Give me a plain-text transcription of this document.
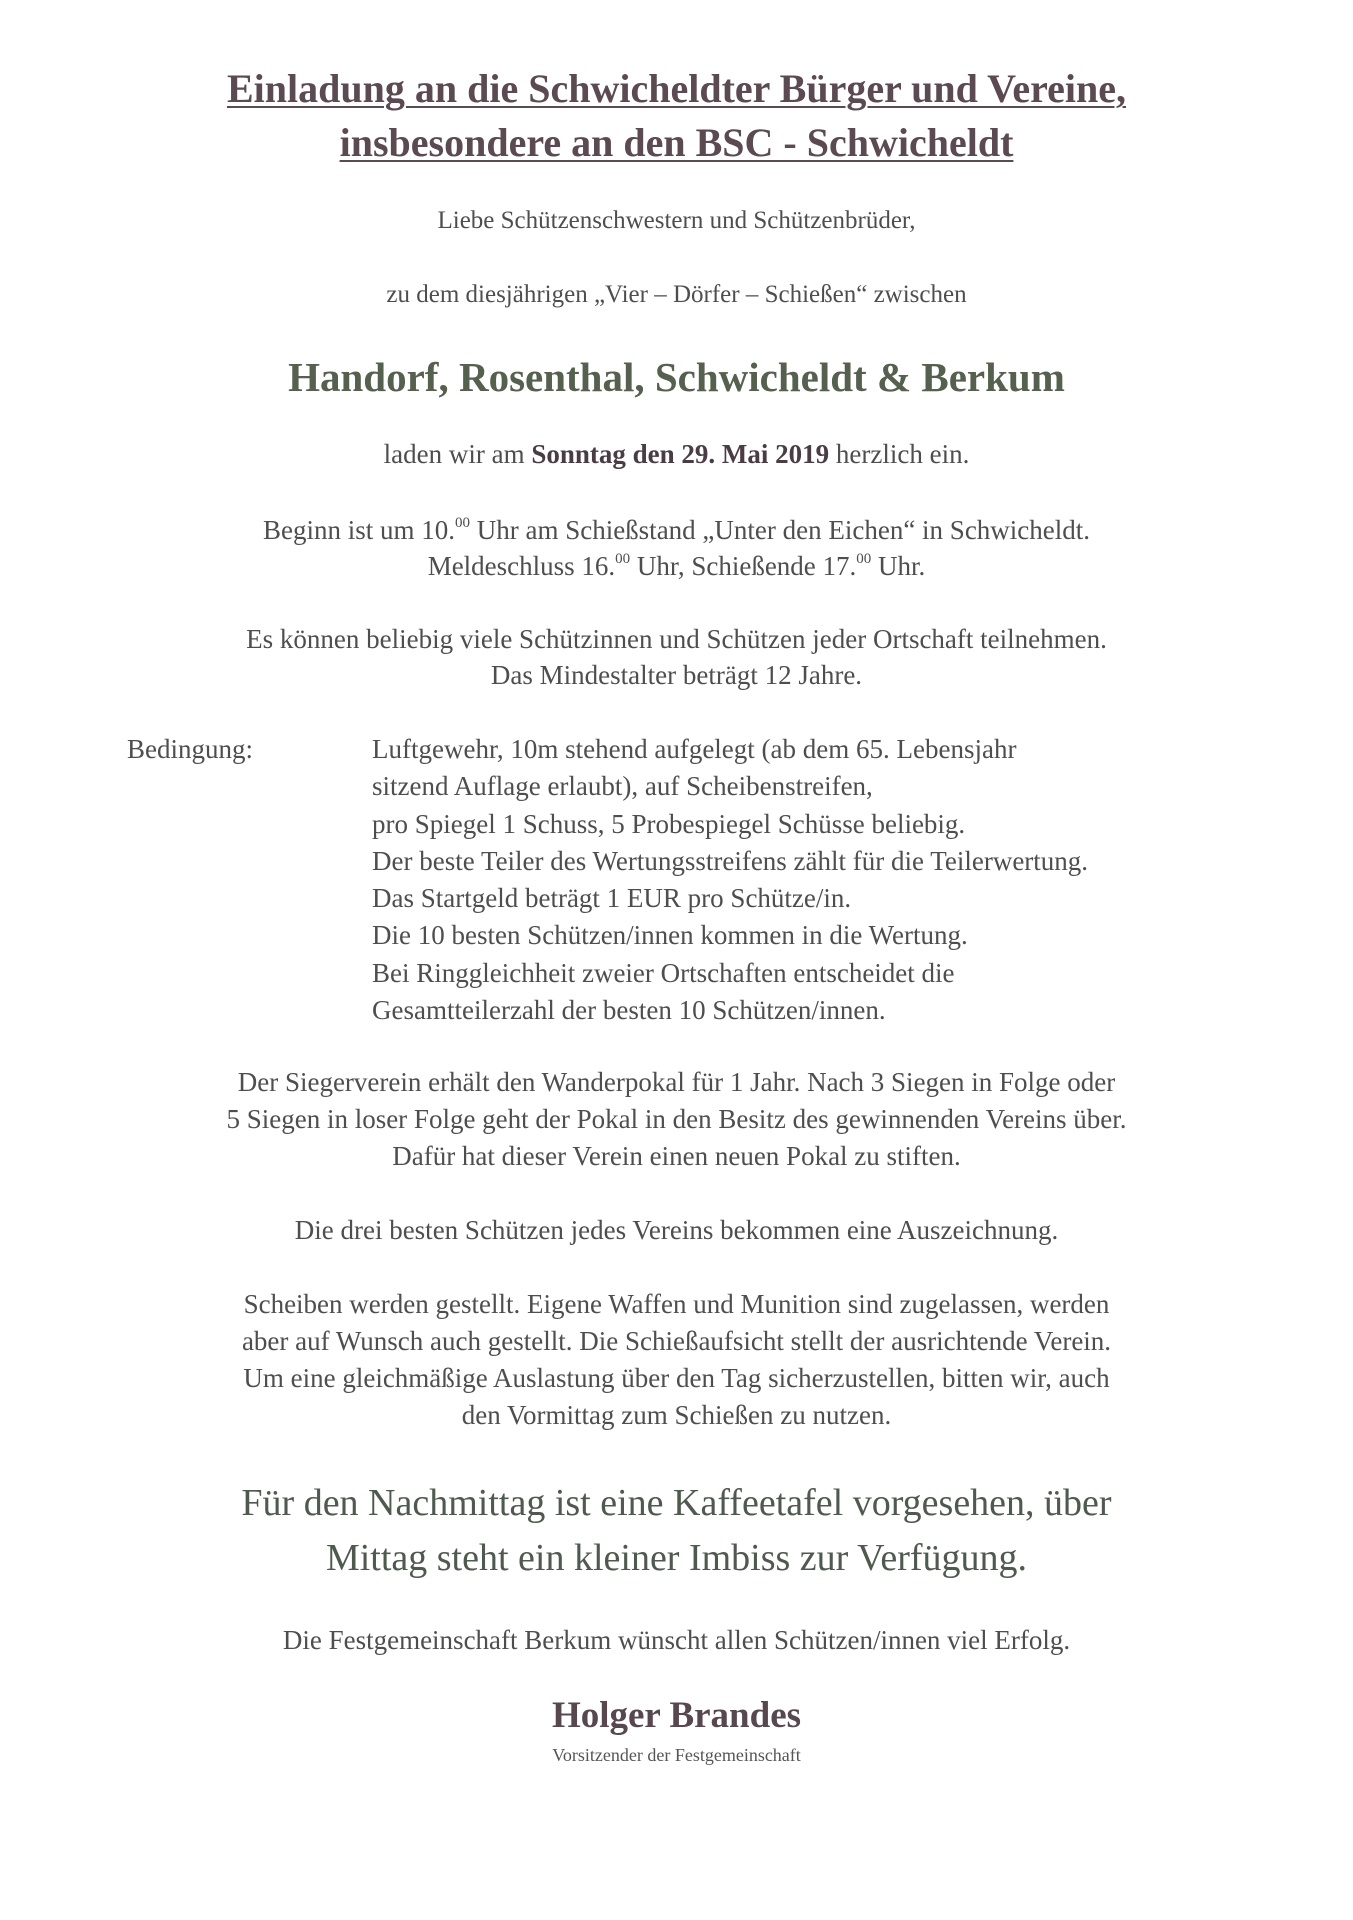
Einladung an die Schwicheldter Bürger und Vereine,
insbesondere an den BSC - Schwicheldt
Liebe Schützenschwestern und Schützenbrüder,
zu dem diesjährigen „Vier – Dörfer – Schießen“ zwischen
Handorf, Rosenthal, Schwicheldt & Berkum
laden wir am Sonntag den 29. Mai 2019 herzlich ein.
Beginn ist um 10.00 Uhr am Schießstand „Unter den Eichen“ in Schwicheldt.
Meldeschluss 16.00 Uhr, Schießende 17.00 Uhr.
Es können beliebig viele Schützinnen und Schützen jeder Ortschaft teilnehmen.
Das Mindestalter beträgt 12 Jahre.
Bedingung:	Luftgewehr, 10m stehend aufgelegt (ab dem 65. Lebensjahr
sitzend Auflage erlaubt), auf Scheibenstreifen,
pro Spiegel 1 Schuss, 5 Probespiegel Schüsse beliebig.
Der beste Teiler des Wertungsstreifens zählt für die Teilerwertung.
Das Startgeld beträgt 1 EUR pro Schütze/in.
Die 10 besten Schützen/innen kommen in die Wertung.
Bei Ringgleichheit zweier Ortschaften entscheidet die
Gesamtteilerzahl der besten 10 Schützen/innen.
Der Siegerverein erhält den Wanderpokal für 1 Jahr. Nach 3 Siegen in Folge oder
5 Siegen in loser Folge geht der Pokal in den Besitz des gewinnenden Vereins über.
Dafür hat dieser Verein einen neuen Pokal zu stiften.
Die drei besten Schützen jedes Vereins bekommen eine Auszeichnung.
Scheiben werden gestellt. Eigene Waffen und Munition sind zugelassen, werden
aber auf Wunsch auch gestellt. Die Schießaufsicht stellt der ausrichtende Verein.
Um eine gleichmäßige Auslastung über den Tag sicherzustellen, bitten wir, auch
den Vormittag zum Schießen zu nutzen.
Für den Nachmittag ist eine Kaffeetafel vorgesehen, über
Mittag steht ein kleiner Imbiss zur Verfügung.
Die Festgemeinschaft Berkum wünscht allen Schützen/innen viel Erfolg.
Holger Brandes
Vorsitzender der Festgemeinschaft
